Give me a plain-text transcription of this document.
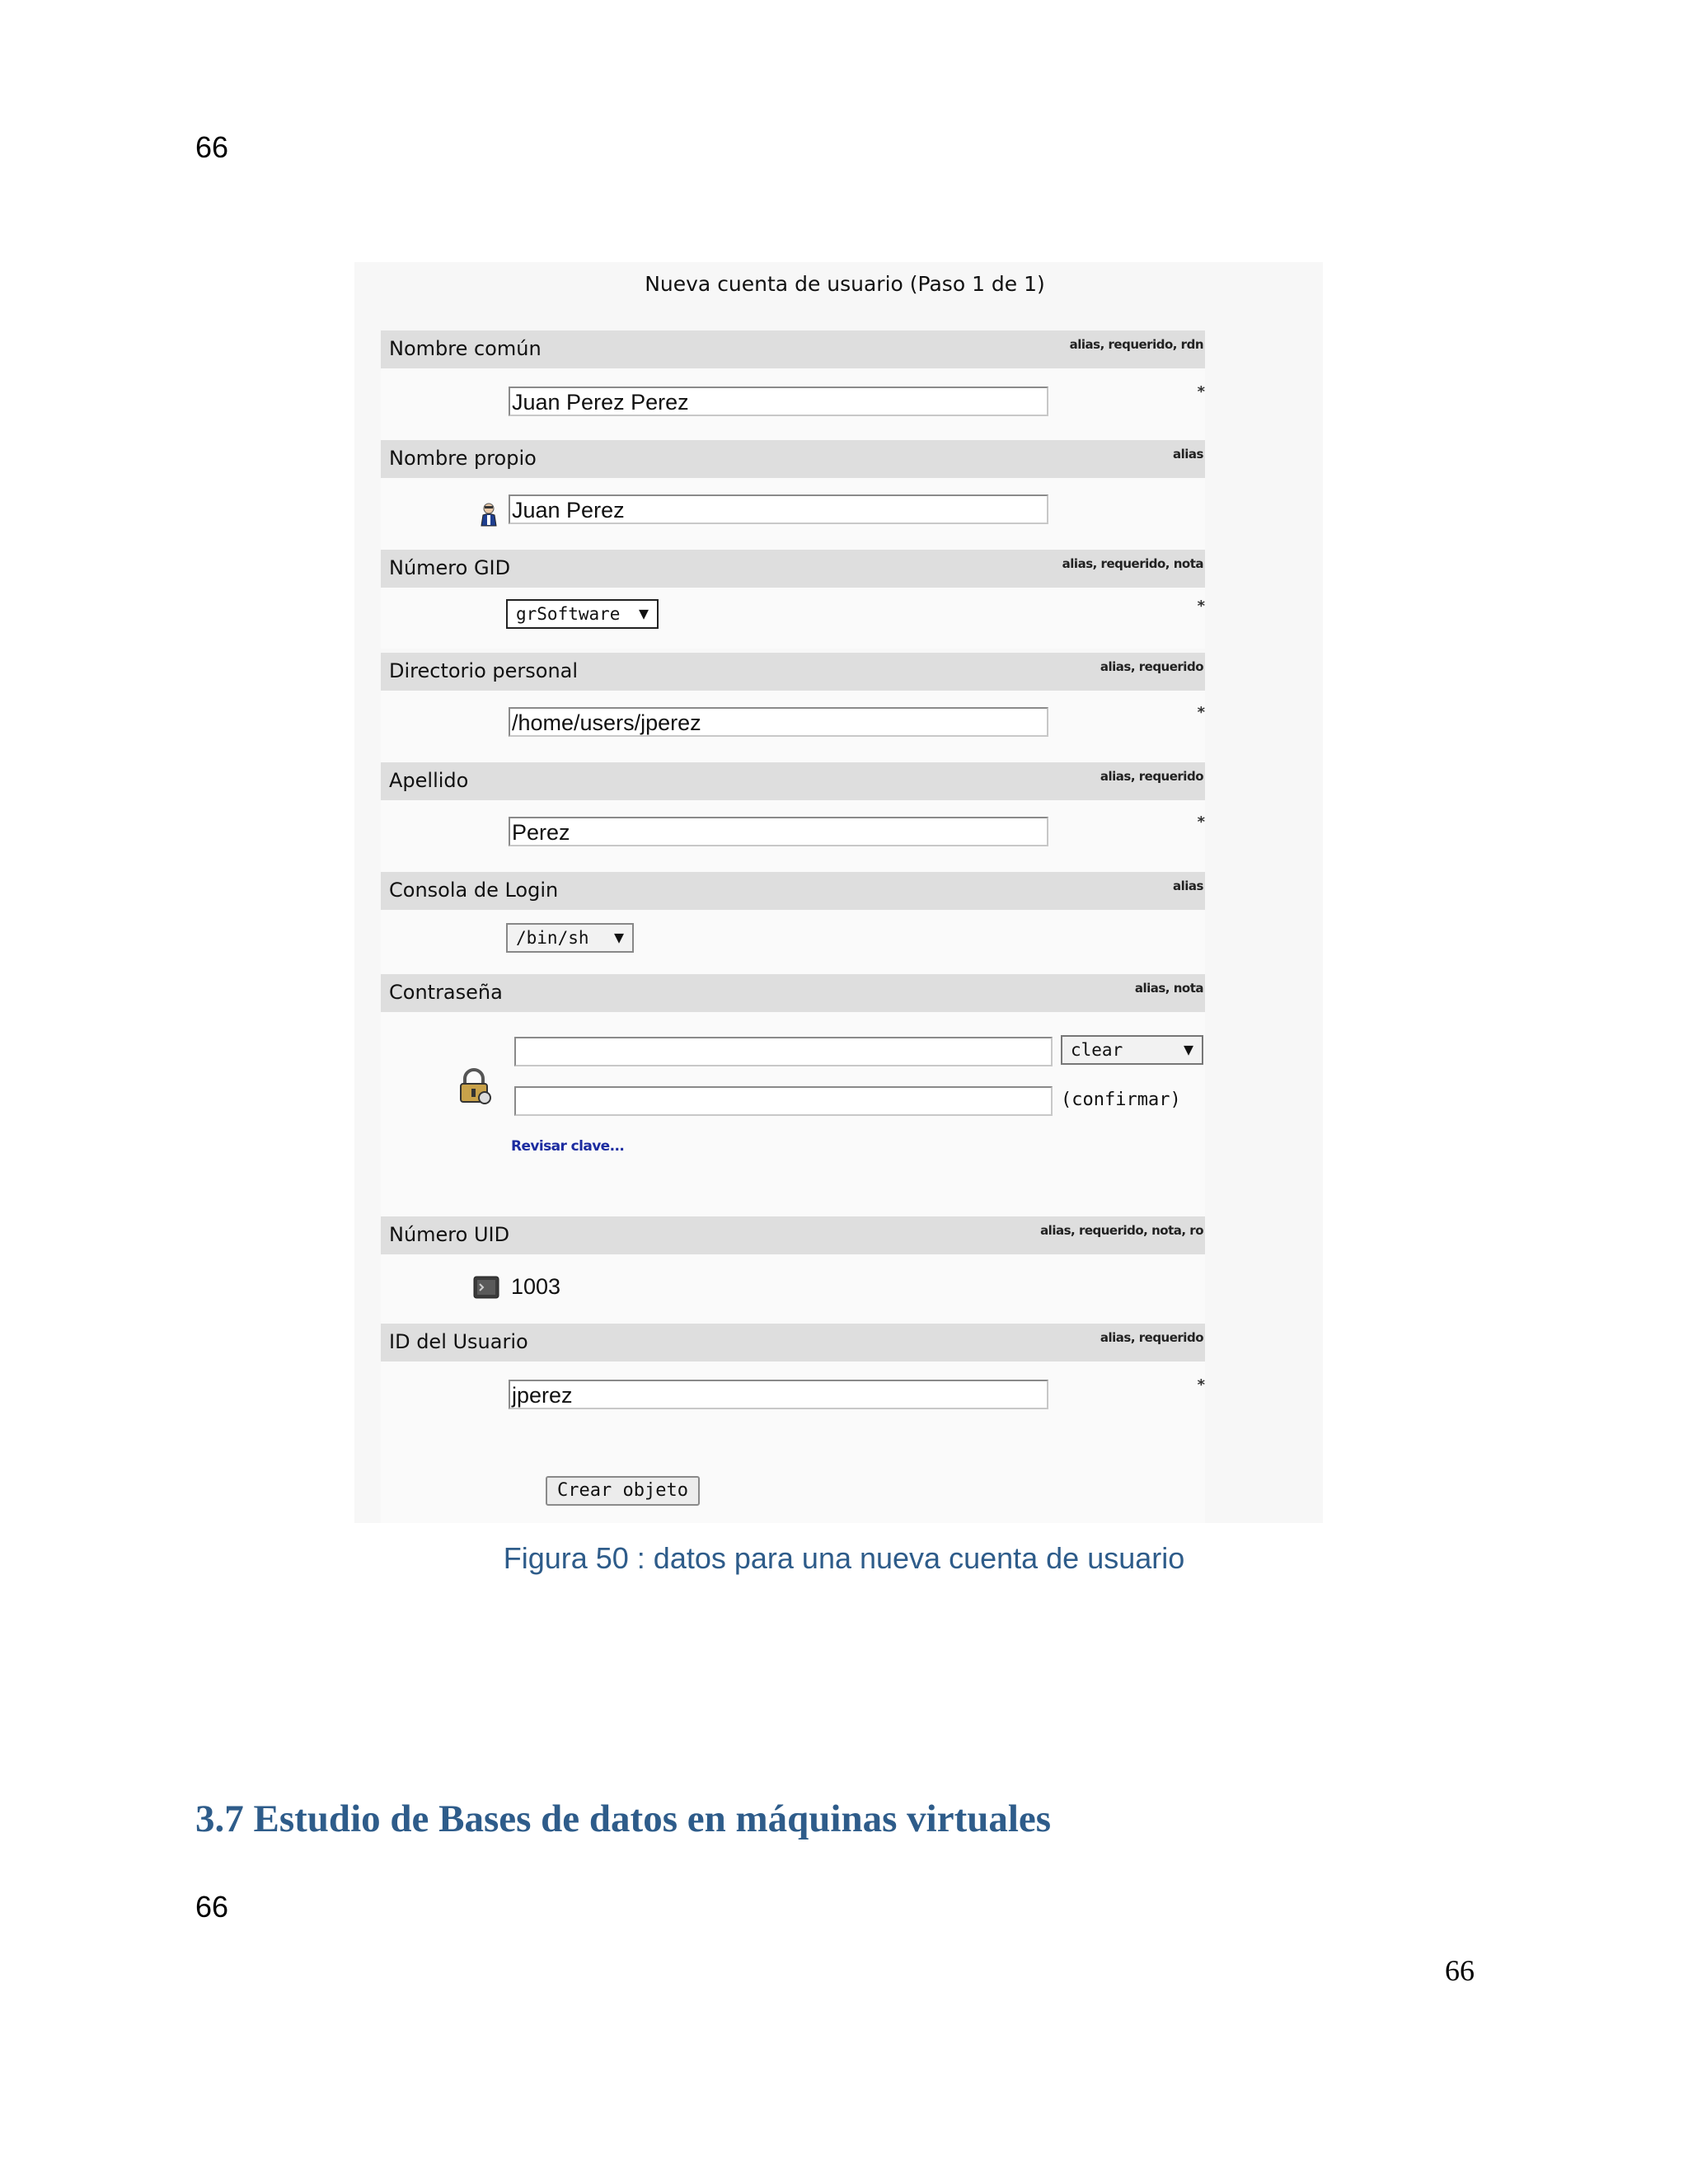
66
Nueva cuenta de usuario (Paso 1 de 1)
Nombre común	alias, requerido, rdn
Juan Perez Perez	*
Nombre propio	alias
Juan Perez
Número GID	alias, requerido, nota
grSoftware ▼	*
Directorio personal	alias, requerido
/home/users/jperez	*
Apellido	alias, requerido
Perez	*
Consola de Login	alias
/bin/sh ▼
Contraseña	alias, nota
clear	▼
(confirmar)
Revisar clave...
Número UID	alias, requerido, nota, ro
1003
ID del Usuario	alias, requerido
jperez	*
Crear objeto
Figura 50 : datos para una nueva cuenta de usuario
3.7 Estudio de Bases de datos en máquinas virtuales
66
66
